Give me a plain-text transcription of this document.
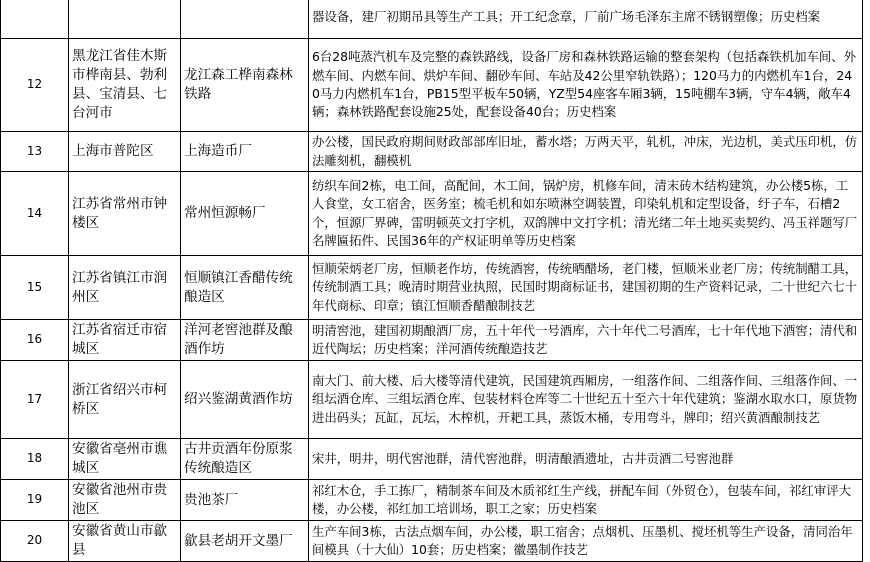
			器设备，建厂初期吊具等生产工具；开工纪念章，厂前广场毛泽东主席不锈钢塑像；历史档案
12	黑龙江省佳木斯市桦南县、勃利县、宝清县、七台河市	龙江森工桦南森林铁路	6台28吨蒸汽机车及完整的森铁路线，设备厂房和森林铁路运输的整套架构（包括森铁机加车间、外燃车间、内燃车间、烘炉车间、翻砂车间、车站及42公里窄轨铁路）；120马力的内燃机车1台，240马力内燃机车1台，PB15型平板车50辆，YZ型54座客车厢3辆，15吨棚车3辆，守车4辆，敞车4辆；森林铁路配套设施25处，配套设备40台；历史档案
13	上海市普陀区	上海造币厂	办公楼，国民政府期间财政部部库旧址，蓄水塔；万两天平，轧机，冲床，光边机，美式压印机，仿法雕刻机，翻模机
14	江苏省常州市钟楼区	常州恒源畅厂	纺织车间2栋，电工间，高配间，木工间，锅炉房，机修车间，清末砖木结构建筑，办公楼5栋，工人食堂，女工宿舍，医务室；梳毛机和如东喷淋空调装置，印染轧机和定型设备，纡子车，石槽2个，恒源厂界碑，雷明顿英文打字机，双鸽牌中文打字机；清光绪二年土地买卖契约、冯玉祥题写厂名牌匾拓件、民国36年的产权证明单等历史档案
15	江苏省镇江市润州区	恒顺镇江香醋传统酿造区	恒顺荣炳老厂房，恒顺老作坊，传统酒窖，传统晒醋场，老门楼，恒顺米业老厂房；传统制醋工具，传统制酒工具；晚清时期营业执照，民国时期商标证书，建国初期的生产资料记录，二十世纪六七十年代商标、印章；镇江恒顺香醋酿制技艺
16	江苏省宿迁市宿城区	洋河老窖池群及酿酒作坊	明清窖池，建国初期酿酒厂房，五十年代一号酒库，六十年代二号酒库，七十年代地下酒窖；清代和近代陶坛；历史档案；洋河酒传统酿造技艺
17	浙江省绍兴市柯桥区	绍兴鉴湖黄酒作坊	南大门、前大楼、后大楼等清代建筑，民国建筑西厢房，一组落作间、二组落作间、三组落作间、一组坛酒仓库、三组坛酒仓库、包装材料仓库等二十世纪五十至六十年代建筑；鉴湖水取水口，原货物进出码头；瓦缸，瓦坛，木榨机，开耙工具，蒸饭木桶，专用弯斗，牌印；绍兴黄酒酿制技艺
18	安徽省亳州市谯城区	古井贡酒年份原浆传统酿造区	宋井，明井，明代窖池群，清代窖池群，明清酿酒遗址，古井贡酒二号窖池群
19	安徽省池州市贵池区	贵池茶厂	祁红木仓，手工拣厂，精制茶车间及木质祁红生产线，拼配车间（外贸仓），包装车间，祁红审评大楼，办公楼，祁红加工培训场，职工之家；历史档案
20	安徽省黄山市歙县	歙县老胡开文墨厂	生产车间3栋，古法点烟车间，办公楼，职工宿舍；点烟机、压墨机、搅坯机等生产设备，清同治年间模具（十大仙）10套；历史档案；徽墨制作技艺
